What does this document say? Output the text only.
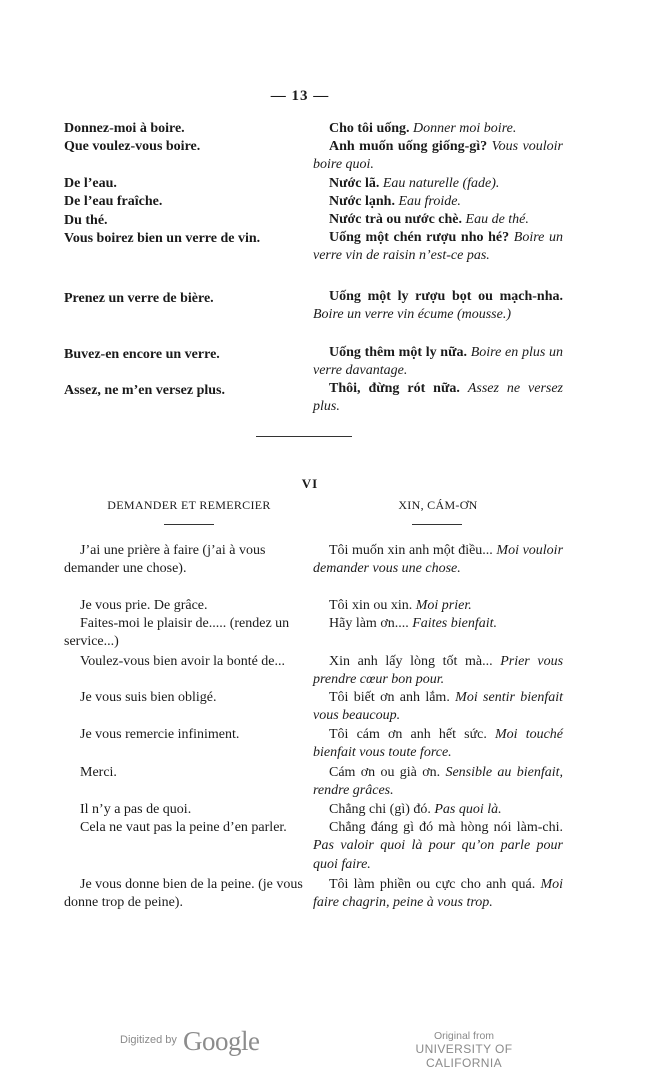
— 13 —
Donnez-moi à boire.
Que voulez-vous boire.
De l’eau.
De l’eau fraîche.
Du thé.
Vous boirez bien un verre de vin.
Prenez un verre de bière.
Buvez-en encore un verre.
Assez, ne m’en versez plus.
Cho tôi uống. Donner moi boire.
Anh muốn uống giống-gì? Vous vouloir boire quoi.
Nước lã. Eau naturelle (fade).
Nước lạnh. Eau froide.
Nước trà ou nước chè. Eau de thé.
Uống một chén rượu nho hé? Boire un verre vin de raisin n’est-ce pas.
Uống một ly rượu bọt ou mạch-nha. Boire un verre vin écume (mousse.)
Uống thêm một ly nữa. Boire en plus un verre davantage.
Thôi, đừng rót nữa. Assez ne versez plus.
VI
DEMANDER ET REMERCIER	XIN, CÁM-ƠN
J’ai une prière à faire (j’ai à vous demander une chose).
Je vous prie. De grâce.
Faites-moi le plaisir de..... (rendez un service...)
Voulez-vous bien avoir la bonté de...
Je vous suis bien obligé.
Je vous remercie infiniment.
Merci.
Il n’y a pas de quoi.
Cela ne vaut pas la peine d’en parler.
Je vous donne bien de la peine. (je vous donne trop de peine).
Tôi muốn xin anh một điều... Moi vouloir demander vous une chose.
Tôi xin ou xin. Moi prier.
Hãy làm ơn.... Faites bienfait.
Xin anh lấy lòng tốt mà... Prier vous prendre cœur bon pour.
Tôi biết ơn anh lắm. Moi sentir bienfait vous beaucoup.
Tôi cám ơn anh hết sức. Moi touché bienfait vous toute force.
Cám ơn ou già ơn. Sensible au bienfait, rendre grâces.
Chẳng chi (gì) đó. Pas quoi là.
Chẳng đáng gì đó mà hòng nói làm-chi. Pas valoir quoi là pour qu’on parle pour quoi faire.
Tôi làm phiền ou cực cho anh quá. Moi faire chagrin, peine à vous trop.
Digitized by Google	Original from
UNIVERSITY OF CALIFORNIA
